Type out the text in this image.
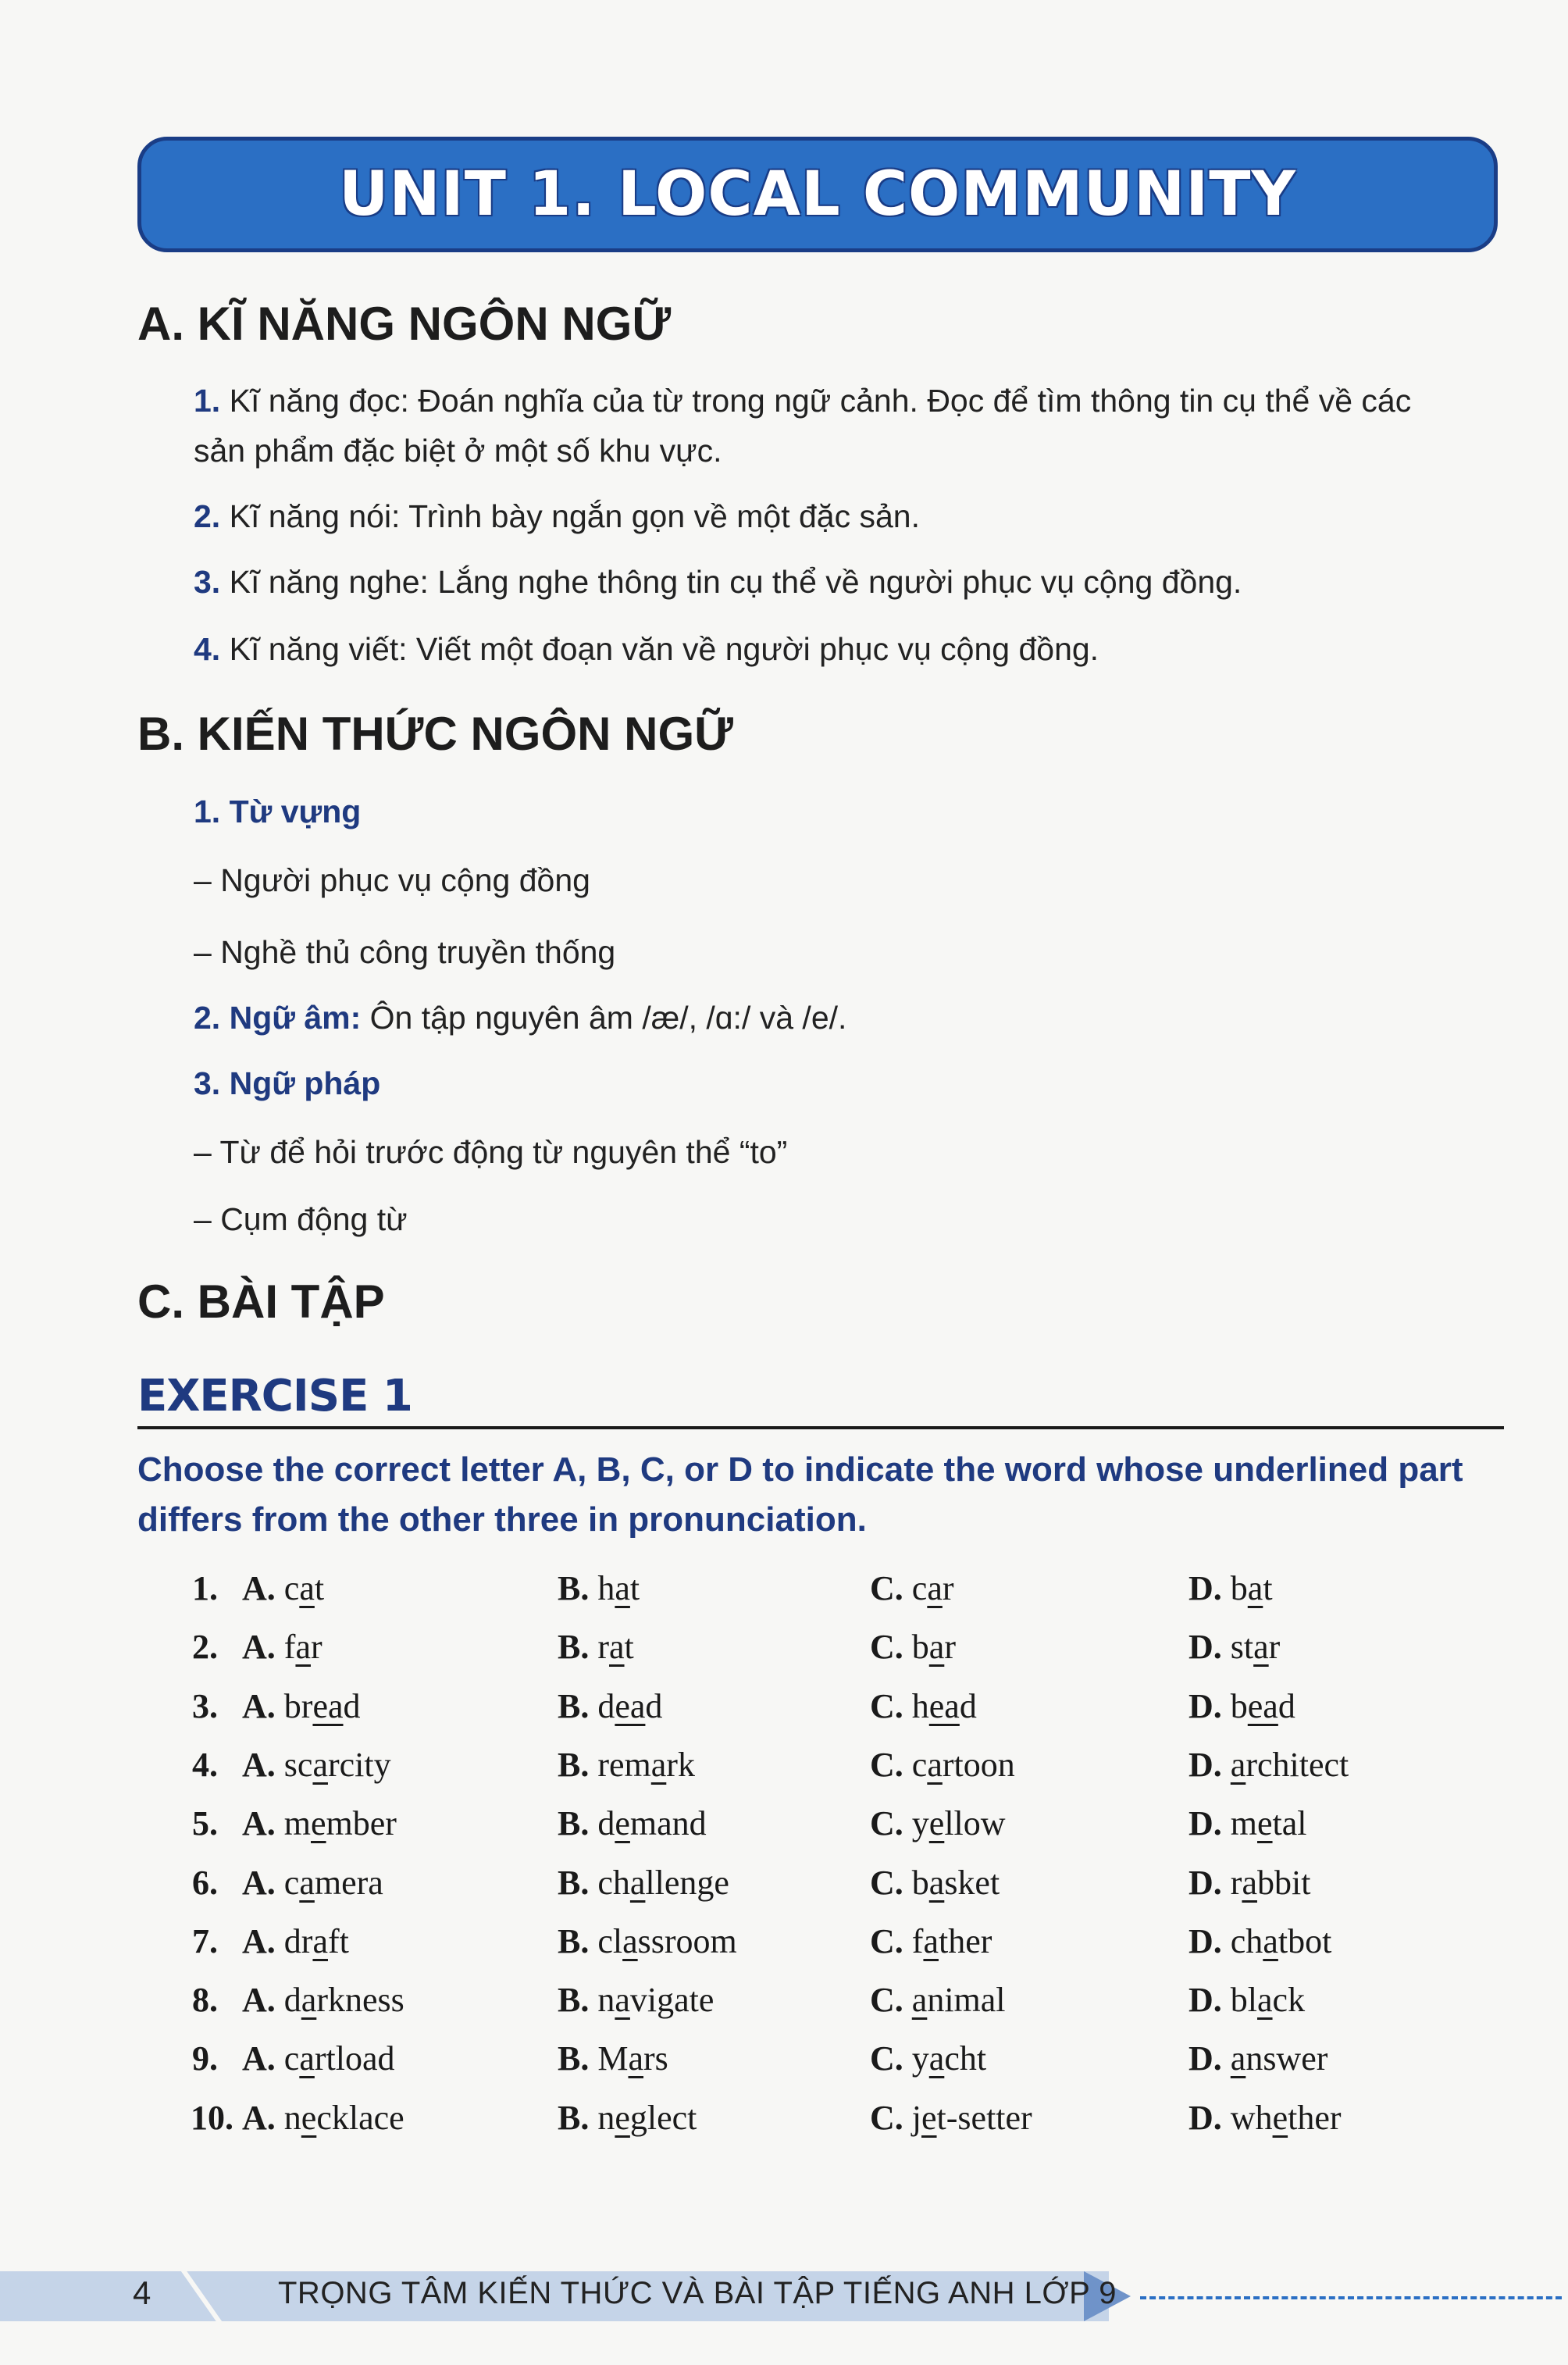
UNIT 1. LOCAL COMMUNITY
A. KĨ NĂNG NGÔN NGỮ
1. Kĩ năng đọc: Đoán nghĩa của từ trong ngữ cảnh. Đọc để tìm thông tin cụ thể về các
sản phẩm đặc biệt ở một số khu vực.
2. Kĩ năng nói: Trình bày ngắn gọn về một đặc sản.
3. Kĩ năng nghe: Lắng nghe thông tin cụ thể về người phục vụ cộng đồng.
4. Kĩ năng viết: Viết một đoạn văn về người phục vụ cộng đồng.
B. KIẾN THỨC NGÔN NGỮ
1. Từ vựng
– Người phục vụ cộng đồng
– Nghề thủ công truyền thống
2. Ngữ âm: Ôn tập nguyên âm /æ/, /ɑ:/ và /e/.
3. Ngữ pháp
– Từ để hỏi trước động từ nguyên thể “to”
– Cụm động từ
C. BÀI TẬP
EXERCISE 1
Choose the correct letter A, B, C, or D to indicate the word whose underlined part differs from the other three in pronunciation.
1. A. cat	B. hat	C. car	D. bat
2. A. far	B. rat	C. bar	D. star
3. A. bread	B. dead	C. head	D. bead
4. A. scarcity	B. remark	C. cartoon	D. architect
5. A. member	B. demand	C. yellow	D. metal
6. A. camera	B. challenge	C. basket	D. rabbit
7. A. draft	B. classroom	C. father	D. chatbot
8. A. darkness	B. navigate	C. animal	D. black
9. A. cartload	B. Mars	C. yacht	D. answer
10. A. necklace	B. neglect	C. jet-setter	D. whether
4	TRỌNG TÂM KIẾN THỨC VÀ BÀI TẬP TIẾNG ANH LỚP 9
